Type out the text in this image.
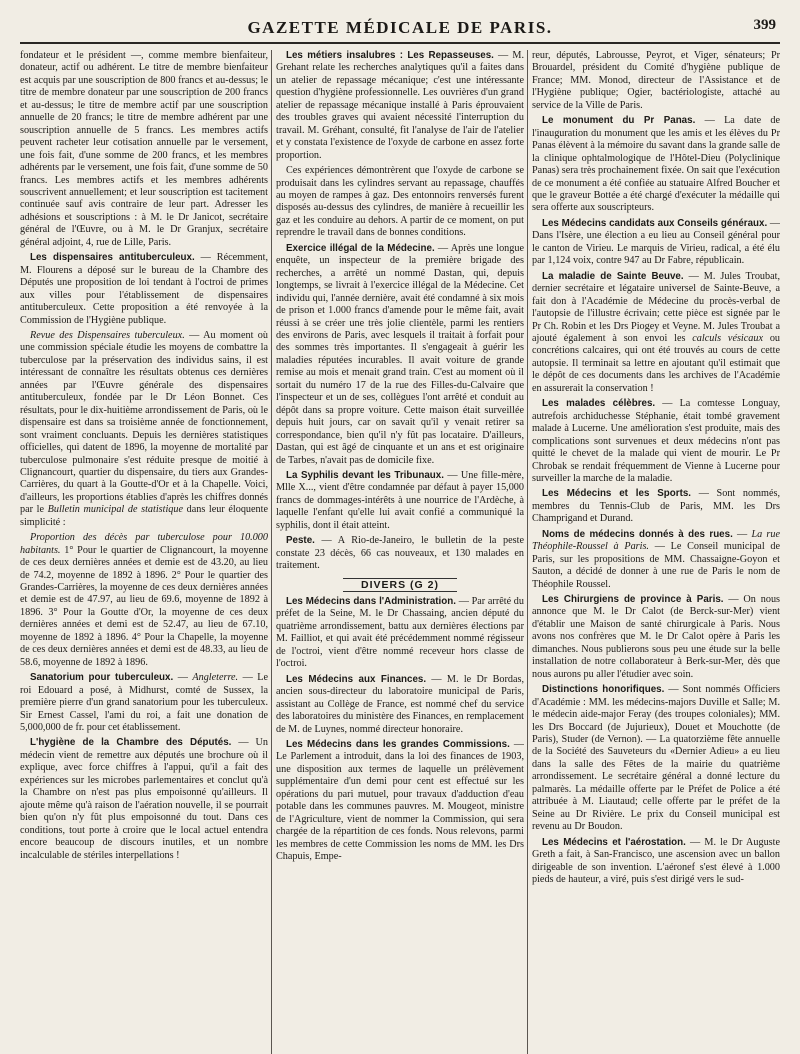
GAZETTE MÉDICALE DE PARIS.	399

fondateur et le président —, comme membre bienfaiteur, donateur, actif ou adhérent. Le titre de membre bienfaiteur est acquis par une souscription de 800 francs et au-dessus; le titre de membre donateur par une souscription de 200 francs et au-dessus; le titre de membre actif par une souscription annuelle de 20 francs; le titre de membre adhérent par une souscription annuelle de 5 francs. Les membres actifs peuvent racheter leur cotisation annuelle par le versement, une fois fait, d'une somme de 200 francs, et les membres adhérents par le versement, une fois fait, d'une somme de 50 francs. Les membres actifs et les membres adhérents souscrivent annuellement; et leur souscription est tacitement continuée sauf avis contraire de leur part. Adresser les adhésions et souscriptions : à M. le Dr Janicot, secrétaire général de l'Œuvre, ou à M. le Dr Granjux, secrétaire général adjoint, 4, rue de Lille, Paris.

Les dispensaires antituberculeux. — Récemment, M. Flourens a déposé sur le bureau de la Chambre des Députés une proposition de loi tendant à l'octroi de primes aux villes pour l'établissement de dispensaires antituberculeux. Cette proposition a été renvoyée à la Commission de l'Hygiène publique.

Revue des Dispensaires tuberculeux. — Au moment où une commission spéciale étudie les moyens de combattre la tuberculose par la préservation des individus sains, il est intéressant de connaître les résultats obtenus ces dernières années par l'Œuvre générale des dispensaires antituberculeux, fondée par le Dr Léon Bonnet. Ces résultats, pour le dix-huitième arrondissement de Paris, où le dispensaire est dans sa troisième année de fonctionnement, sont vraiment concluants. Depuis les dernières statistiques officielles, qui datent de 1896, la moyenne de mortalité par tuberculose pulmonaire s'est réduite presque de moitié à Clignancourt, quartier du dispensaire, du tiers aux Grandes-Carrières, du quart à la Goutte-d'Or et à la Chapelle. Voici, d'ailleurs, les proportions établies d'après les chiffres donnés par le Bulletin municipal de statistique dans leur éloquente simplicité :

Proportion des décès par tuberculose pour 10.000 habitants. 1° Pour le quartier de Clignancourt, la moyenne de ces deux dernières années et demie est de 43.20, au lieu de 74.2, moyenne de 1892 à 1896. 2° Pour le quartier des Grandes-Carrières, la moyenne de ces deux dernières années et demie est de 47.97, au lieu de 69.6, moyenne de 1892 à 1896. 3° Pour la Goutte d'Or, la moyenne de ces deux dernières années et demi est de 52.47, au lieu de 67.10, moyenne de 1892 à 1896. 4° Pour la Chapelle, la moyenne de ces deux dernières années et demi est de 48.33, au lieu de 58.6, moyenne de 1892 à 1896.

Sanatorium pour tuberculeux. — Angleterre. — Le roi Edouard a posé, à Midhurst, comté de Sussex, la première pierre d'un grand sanatorium pour les tuberculeux. Sir Ernest Cassel, l'ami du roi, a fait une donation de 5,000,000 de fr. pour cet établissement.

L'hygiène de la Chambre des Députés. — Un médecin vient de remettre aux députés une brochure où il explique, avec force chiffres à l'appui, qu'il a fait des expériences sur les microbes parlementaires et conclut qu'à la Chambre on n'est pas plus empoisonné qu'ailleurs. Il ajoute même qu'à raison de l'aération nouvelle, il se pourrait bien qu'on n'y fût plus empoisonné du tout. Dans ces conditions, tout porte à croire que le local actuel entendra encore beaucoup de discours inutiles, et un nombre incalculable de stériles interpellations !

Les métiers insalubres : Les Repasseuses. — M. Grehant relate les recherches analytiques qu'il a faites dans un atelier de repassage mécanique; c'est une intéressante question d'hygiène professionnelle. Les ouvrières d'un grand atelier de repassage mécanique installé à Paris éprouvaient des troubles graves qui avaient nécessité l'interruption du travail. M. Gréhant, consulté, fit l'analyse de l'air de l'atelier et y constata l'existence de l'oxyde de carbone en assez forte proportion.

Ces expériences démontrèrent que l'oxyde de carbone se produisait dans les cylindres servant au repassage, chauffés au moyen de rampes à gaz. Des entonnoirs renversés furent disposés au-dessus des cylindres, de manière à recueillir les gaz et les conduire au dehors. A partir de ce moment, on put reprendre le travail dans de bonnes conditions.

Exercice illégal de la Médecine. — Après une longue enquête, un inspecteur de la première brigade des recherches, a arrêté un nommé Dastan, qui, depuis longtemps, se livrait à l'exercice illégal de la Médecine. Cet individu qui, l'année dernière, avait été condamné à six mois de prison et 1.000 francs d'amende pour le même fait, avait réussi à se créer une très jolie clientèle, parmi les rentiers des environs de Paris, avec lesquels il traitait à forfait pour des sommes très importantes. Il s'engageait à guérir les maladies réputées incurables. Il avait voiture de grande remise au mois et menait grand train. C'est au moment où il sortait du numéro 17 de la rue des Filles-du-Calvaire que l'inspecteur et un de ses, collègues l'ont arrêté et conduit au dépôt dans sa propre voiture. Cette maison était surveillée depuis huit jours, car on savait qu'il y venait retirer sa correspondance, bien qu'il n'y fût pas locataire. D'ailleurs, Dastan, qui est âgé de cinquante et un ans et est originaire de Tarbes, n'avait pas de domicile fixe.

La Syphilis devant les Tribunaux. — Une fille-mère, Mlle X..., vient d'être condamnée par défaut à payer 15,000 francs de dommages-intérêts à une nourrice de l'Ardèche, à laquelle l'enfant qu'elle lui avait confié a communiqué la syphilis, dont il était atteint.

Peste. — A Rio-de-Janeiro, le bulletin de la peste constate 23 décès, 66 cas nouveaux, et 130 malades en traitement.

DIVERS (G 2)

Les Médecins dans l'Administration. — Par arrêté du préfet de la Seine, M. le Dr Chassaing, ancien député du quatrième arrondissement, battu aux dernières élections par M. Failliot, et qui avait été précédemment nommé régisseur de l'octroi, vient d'être nommé receveur hors classe de l'octroi.

Les Médecins aux Finances. — M. le Dr Bordas, ancien sous-directeur du laboratoire municipal de Paris, assistant au Collège de France, est nommé chef du service des laboratoires du ministère des Finances, en remplacement de M. de Luynes, nommé directeur honoraire.

Les Médecins dans les grandes Commissions. — Le Parlement a introduit, dans la loi des finances de 1903, une disposition aux termes de laquelle un prélèvement supplémentaire d'un demi pour cent est effectué sur les opérations du pari mutuel, pour travaux d'adduction d'eau potable dans les communes pauvres. M. Mougeot, ministre de l'Agriculture, vient de nommer la Commission, qui sera chargée de la répartition de ces fonds. Nous relevons, parmi les membres de cette Commission les noms de MM. les Drs Chapuis, Empe-

reur, députés, Labrousse, Peyrot, et Viger, sénateurs; Pr Brouardel, président du Comité d'hygiène publique de France; MM. Monod, directeur de l'Assistance et de l'Hygiène publique; Ogier, bactériologiste, attaché au service de la Ville de Paris.

Le monument du Pr Panas. — La date de l'inauguration du monument que les amis et les élèves du Pr Panas élèvent à la mémoire du savant dans la grande salle de la clinique ophtalmologique de l'Hôtel-Dieu (Polyclinique Panas) sera très prochainement fixée. On sait que l'exécution de ce monument a été confiée au statuaire Alfred Boucher et que le graveur Bottée a été chargé d'exécuter la médaille qui sera offerte aux souscripteurs.

Les Médecins candidats aux Conseils généraux. — Dans l'Isère, une élection a eu lieu au Conseil général pour le canton de Virieu. Le marquis de Virieu, radical, a été élu par 1,124 voix, contre 947 au Dr Fabre, républicain.

La maladie de Sainte Beuve. — M. Jules Troubat, dernier secrétaire et légataire universel de Sainte-Beuve, a fait don à l'Académie de Médecine du procès-verbal de l'autopsie de l'illustre écrivain; cette pièce est signée par le Pr Ch. Robin et les Drs Piogey et Veyne. M. Jules Troubat a ajouté également à son envoi les calculs vésicaux ou concrétions calcaires, qui ont été trouvés au cours de cette autopsie. Il terminait sa lettre en ajoutant qu'il estimait que le dépôt de ces documents dans les archives de l'Académie en assurerait la conservation !

Les malades célèbres. — La comtesse Longuay, autrefois archiduchesse Stéphanie, était tombé gravement malade à Lucerne. Une amélioration s'est produite, mais des complications sont survenues et deux médecins n'ont pas quitté le chevet de la malade qui vient de mourir. Le Pr Chrobak se rendait fréquemment de Vienne à Lucerne pour surveiller la marche de la maladie.

Les Médecins et les Sports. — Sont nommés, membres du Tennis-Club de Paris, MM. les Drs Champrigand et Durand.

Noms de médecins donnés à des rues. — La rue Théophile-Roussel à Paris. — Le Conseil municipal de Paris, sur les propositions de MM. Chassaigne-Goyon et Sauton, a décidé de donner à une rue de Paris le nom de Théophile Roussel.

Les Chirurgiens de province à Paris. — On nous annonce que M. le Dr Calot (de Berck-sur-Mer) vient d'établir une Maison de santé chirurgicale à Paris. Nous avons nos confrères que M. le Dr Calot opère à Paris les dimanches. Nous publierons sous peu une étude sur la belle installation de notre collaborateur à Berk-sur-Mer, dès que nous aurons pu aller l'étudier avec soin.

Distinctions honorifiques. — Sont nommés Officiers d'Académie : MM. les médecins-majors Duville et Salle; M. le médecin aide-major Feray (des troupes coloniales); MM. les Drs Boccard (de Jujurieux), Douet et Mouchotte (de Paris), Studer (de Vernon). — La quatorzième fête annuelle de la Société des Sauveteurs du «Dernier Adieu» a eu lieu dans la salle des Fêtes de la mairie du quatrième arrondissement. Le secrétaire général a donné lecture du palmarès. La médaille offerte par le Préfet de Police a été attribuée à M. Liautaud; celle offerte par le préfet de la Seine au Dr Rivière. Le prix du Conseil municipal est revenu au Dr Boudon.

Les Médecins et l'aérostation. — M. le Dr Auguste Greth a fait, à San-Francisco, une ascension avec un ballon dirigeable de son invention. L'aéronef s'est élevé à 1.000 pieds de hauteur, a viré, puis s'est dirigé vers le sud-
